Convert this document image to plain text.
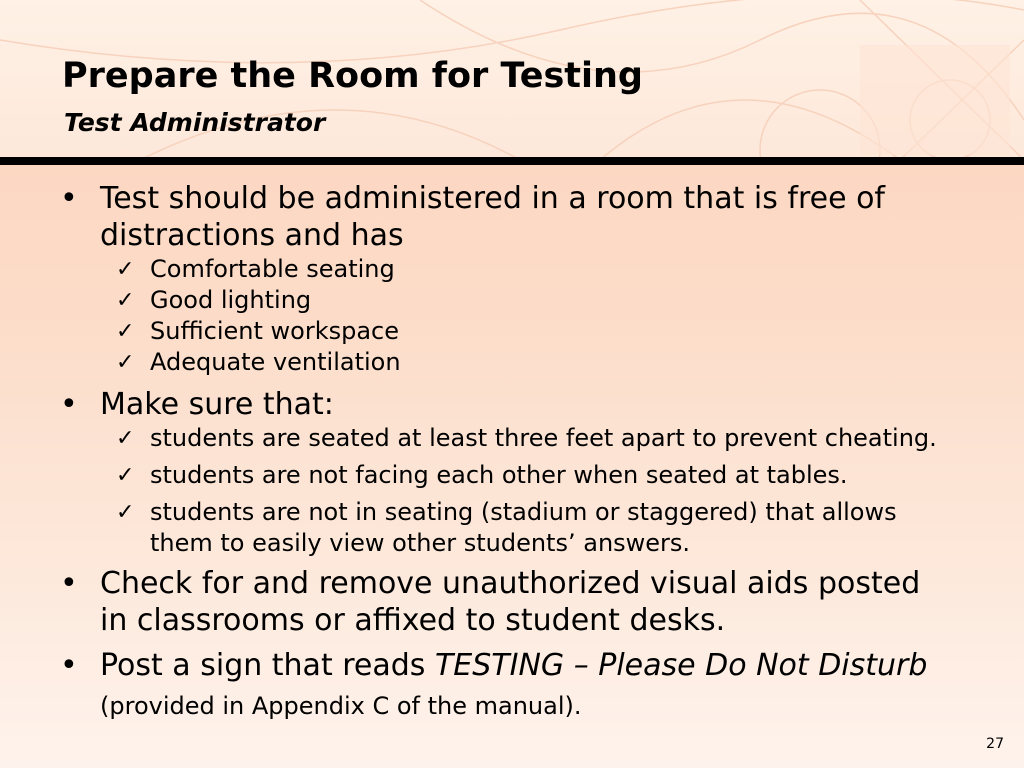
Prepare the Room for Testing
Test Administrator
• Test should be administered in a room that is free of distractions and has
✓ Comfortable seating
✓ Good lighting
✓ Sufficient workspace
✓ Adequate ventilation
• Make sure that:
✓ students are seated at least three feet apart to prevent cheating.
✓ students are not facing each other when seated at tables.
✓ students are not in seating (stadium or staggered) that allows them to easily view other students’ answers.
• Check for and remove unauthorized visual aids posted in classrooms or affixed to student desks.
• Post a sign that reads TESTING – Please Do Not Disturb (provided in Appendix C of the manual).
27
